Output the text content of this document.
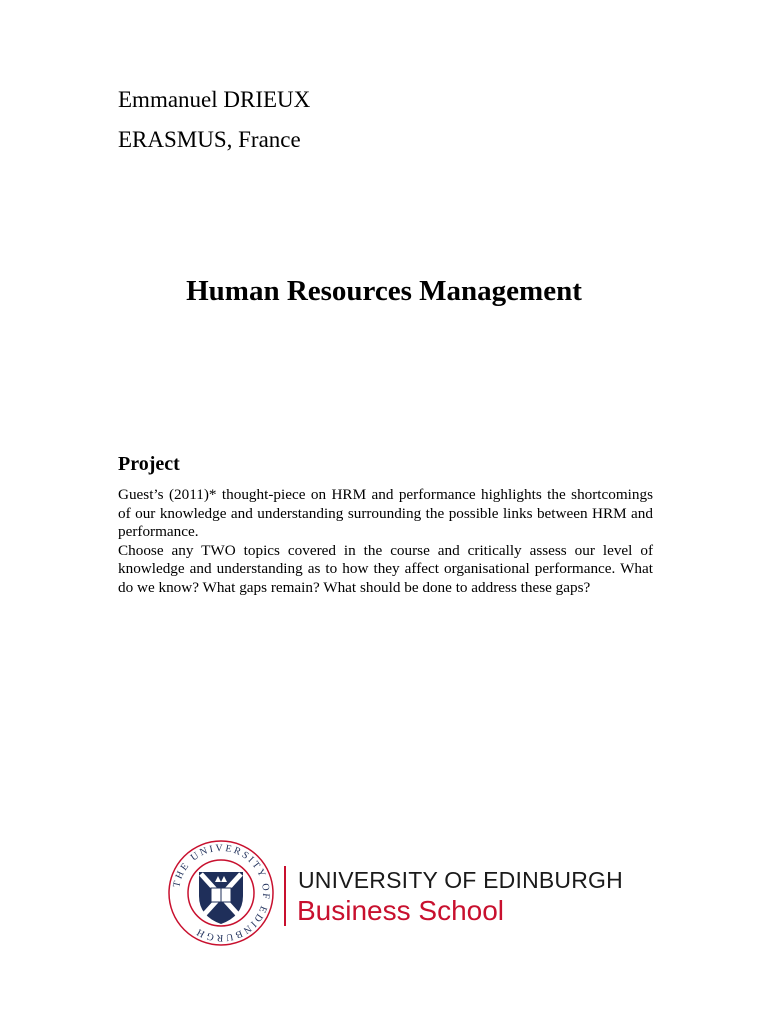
Emmanuel DRIEUX
ERASMUS, France
Human Resources Management
Project

Guest’s (2011)* thought-piece on HRM and performance highlights the shortcomings of our knowledge and understanding surrounding the possible links between HRM and performance.

Choose any TWO topics covered in the course and critically assess our level of knowledge and understanding as to how they affect organisational performance. What do we know? What gaps remain? What should be done to address these gaps?

THE UNIVERSITY OF EDINBURGH
UNIVERSITY OF EDINBURGH
Business School
